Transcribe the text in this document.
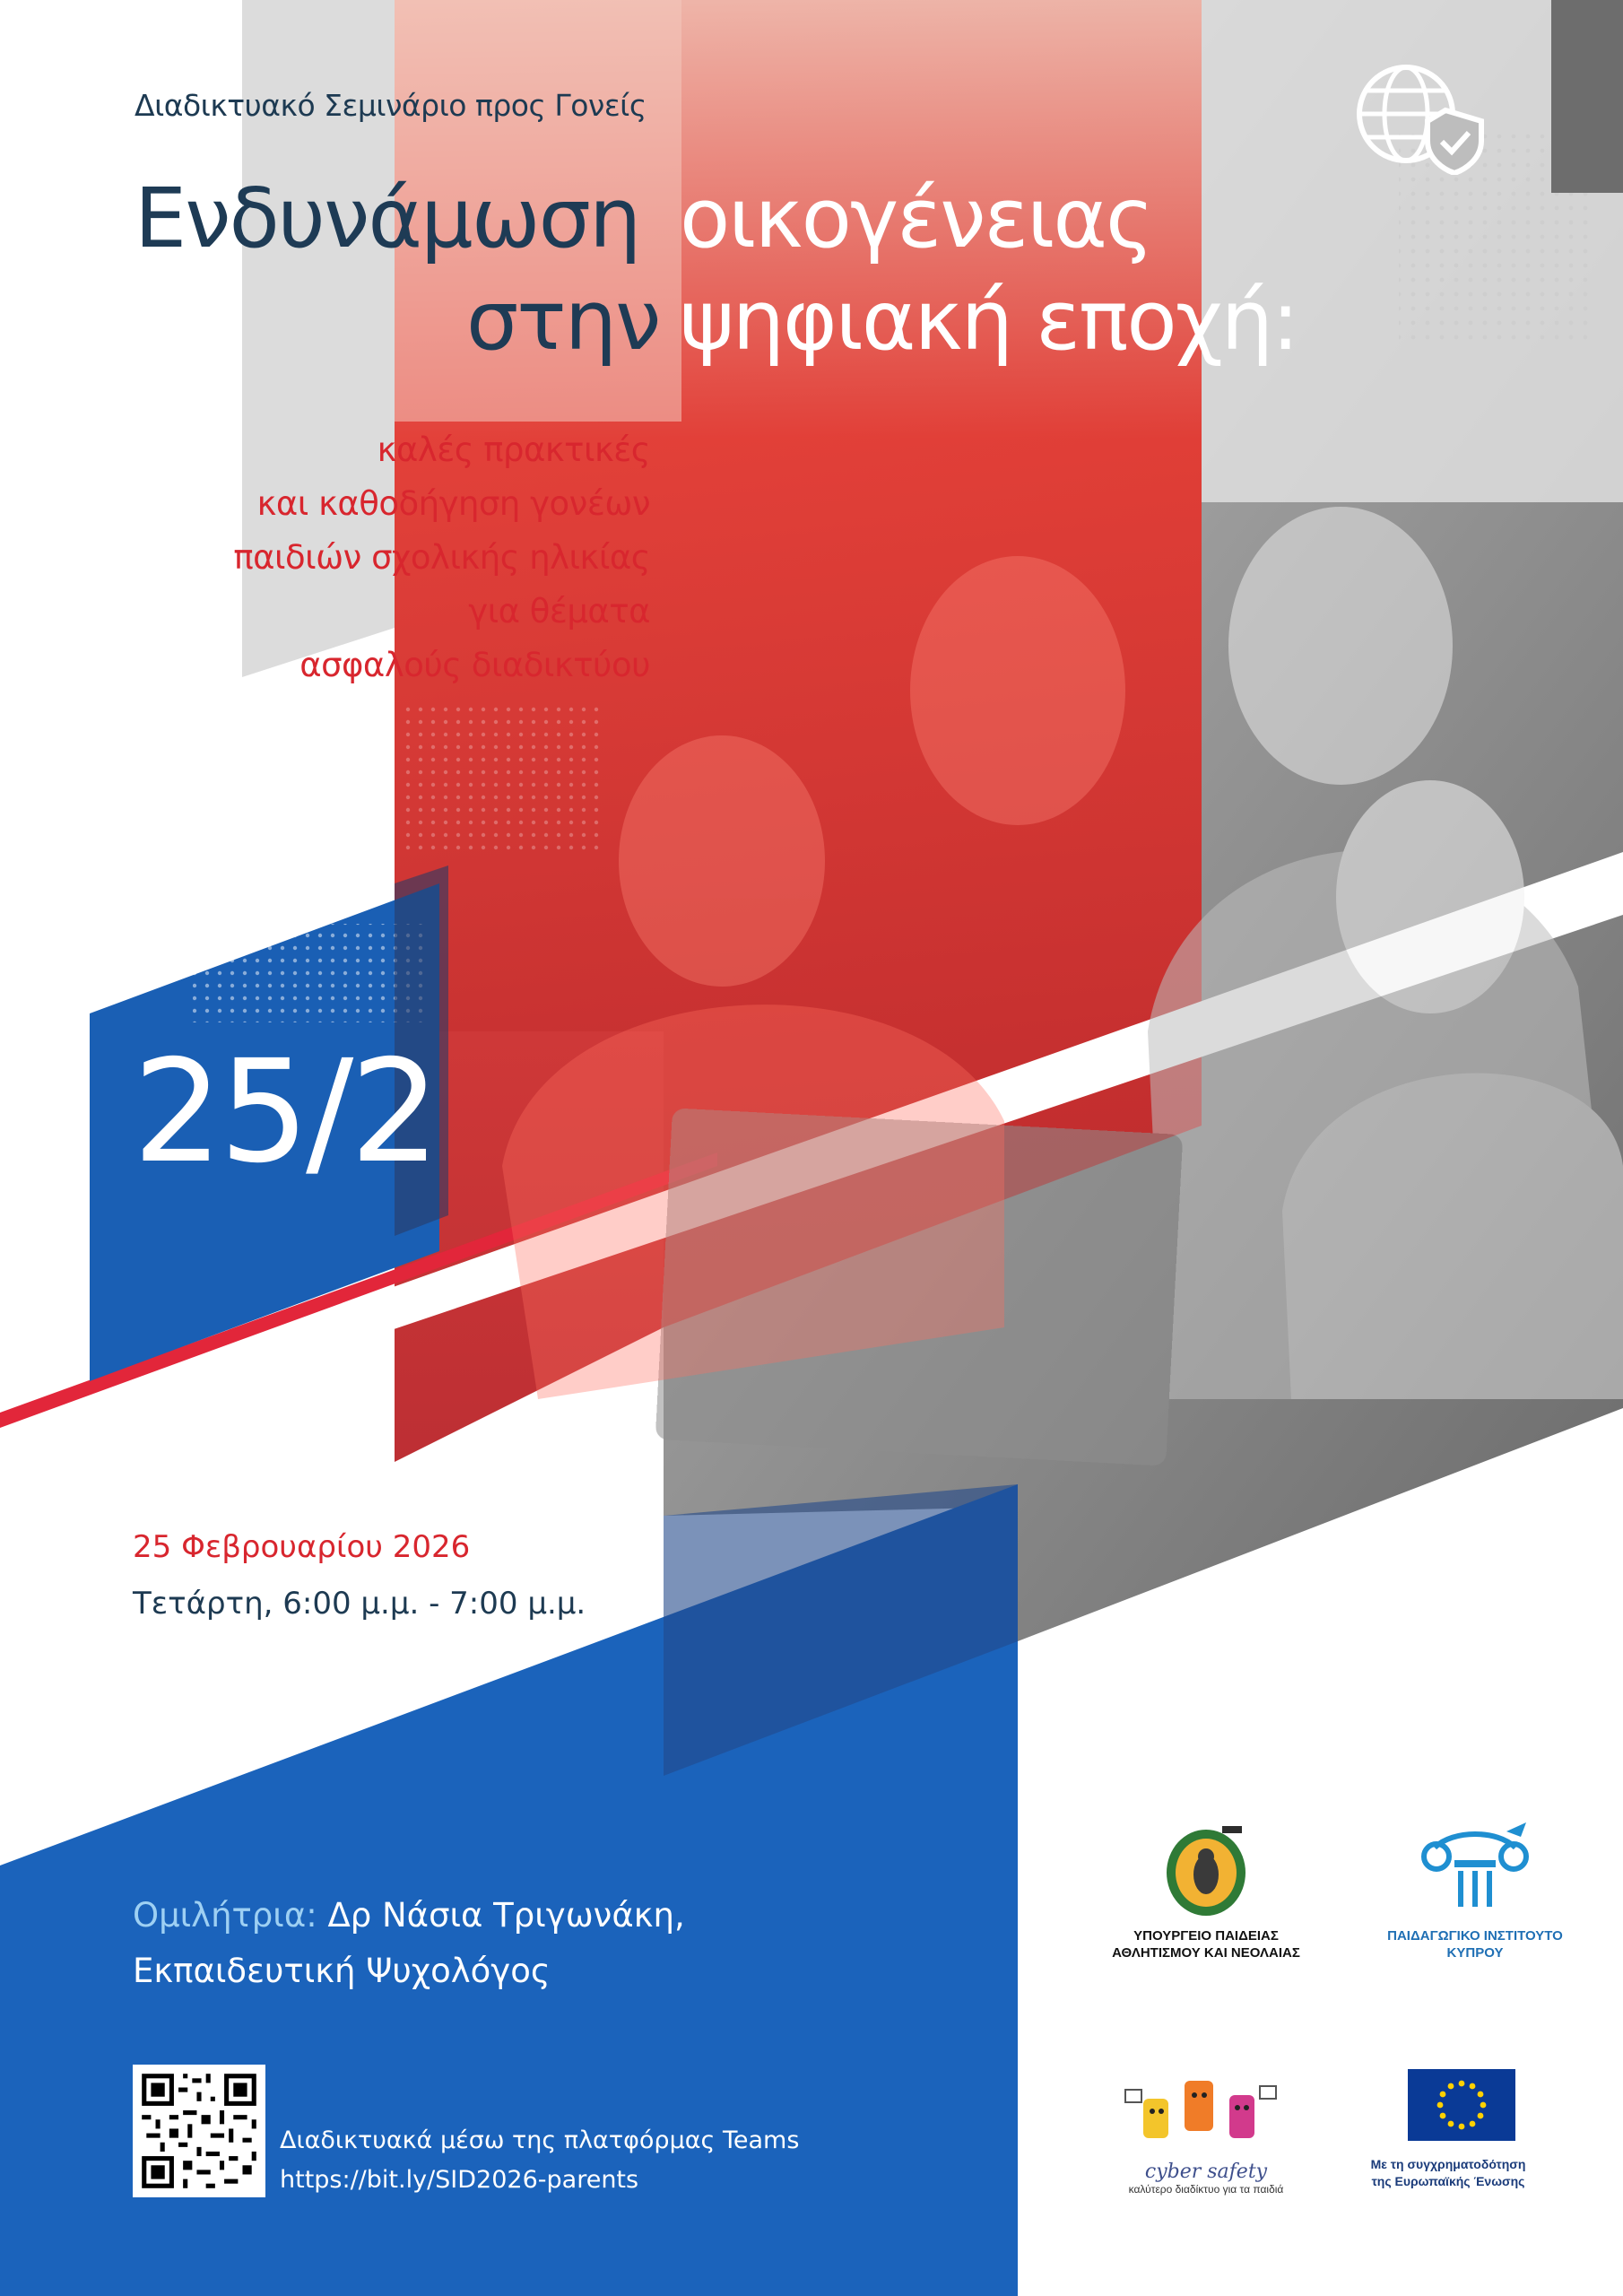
Διαδικτυακό Σεμινάριο προς Γονείς
Ενδυνάμωση οικογένειας
στην ψηφιακή εποχή:
καλές πρακτικές
και καθοδήγηση γονέων
παιδιών σχολικής ηλικίας
για θέματα
ασφαλούς διαδικτύου
25/2
25 Φεβρουαρίου 2026
Τετάρτη, 6:00 μ.μ. - 7:00 μ.μ.
Ομιλήτρια: Δρ Νάσια Τριγωνάκη,
Εκπαιδευτική Ψυχολόγος
Διαδικτυακά μέσω της πλατφόρμας Teams
https://bit.ly/SID2026-parents
ΥΠΟΥΡΓΕΙΟ ΠΑΙΔΕΙΑΣ
ΑΘΛΗΤΙΣΜΟΥ ΚΑΙ ΝΕΟΛΑΙΑΣ
ΠΑΙΔΑΓΩΓΙΚΟ ΙΝΣΤΙΤΟΥΤΟ
ΚΥΠΡΟΥ
cyber safety
καλύτερο διαδίκτυο για τα παιδιά
Με τη συγχρηματοδότηση
της Ευρωπαϊκής Ένωσης
